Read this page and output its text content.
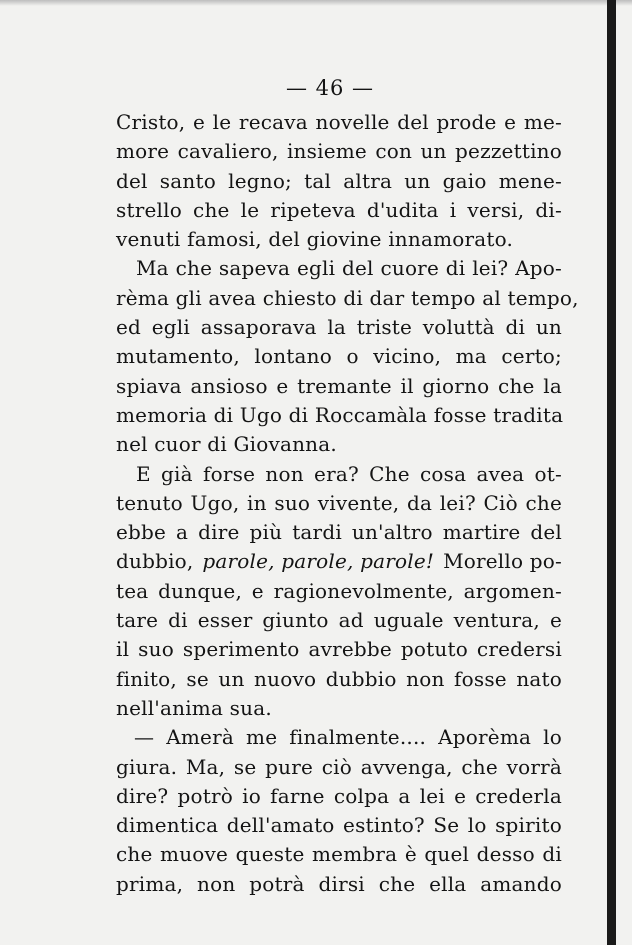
— 46 —
Cristo, e le recava novelle del prode e me-
more cavaliero, insieme con un pezzettino
del santo legno; tal altra un gaio mene-
strello che le ripeteva d'udita i versi, di-
venuti famosi, del giovine innamorato.
Ma che sapeva egli del cuore di lei? Apo-
rèma gli avea chiesto di dar tempo al tempo,
ed egli assaporava la triste voluttà di un
mutamento, lontano o vicino, ma certo;
spiava ansioso e tremante il giorno che la
memoria di Ugo di Roccamàla fosse tradita
nel cuor di Giovanna.
E già forse non era? Che cosa avea ot-
tenuto Ugo, in suo vivente, da lei? Ciò che
ebbe a dire più tardi un'altro martire del
dubbio, parole, parole, parole! Morello po-
tea dunque, e ragionevolmente, argomen-
tare di esser giunto ad uguale ventura, e
il suo sperimento avrebbe potuto credersi
finito, se un nuovo dubbio non fosse nato
nell'anima sua.
— Amerà me finalmente.... Aporèma lo
giura. Ma, se pure ciò avvenga, che vorrà
dire? potrò io farne colpa a lei e crederla
dimentica dell'amato estinto? Se lo spirito
che muove queste membra è quel desso di
prima, non potrà dirsi che ella amando
